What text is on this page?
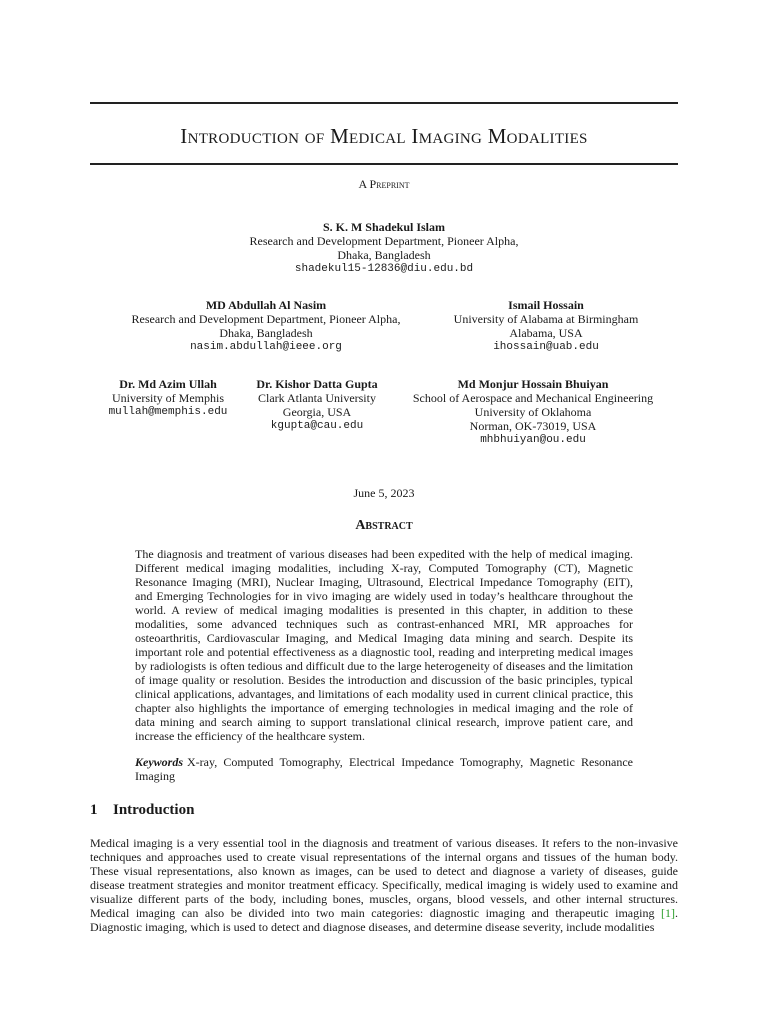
Introduction of Medical Imaging Modalities
A Preprint
S. K. M Shadekul Islam
Research and Development Department, Pioneer Alpha,
Dhaka, Bangladesh
shadekul15-12836@diu.edu.bd
MD Abdullah Al Nasim
Research and Development Department, Pioneer Alpha,
Dhaka, Bangladesh
nasim.abdullah@ieee.org
Ismail Hossain
University of Alabama at Birmingham
Alabama, USA
ihossain@uab.edu
Dr. Md Azim Ullah
University of Memphis
mullah@memphis.edu
Dr. Kishor Datta Gupta
Clark Atlanta University
Georgia, USA
kgupta@cau.edu
Md Monjur Hossain Bhuiyan
School of Aerospace and Mechanical Engineering
University of Oklahoma
Norman, OK-73019, USA
mhbhuiyan@ou.edu
June 5, 2023
Abstract
The diagnosis and treatment of various diseases had been expedited with the help of medical imaging. Different medical imaging modalities, including X-ray, Computed Tomography (CT), Magnetic Resonance Imaging (MRI), Nuclear Imaging, Ultrasound, Electrical Impedance Tomography (EIT), and Emerging Technologies for in vivo imaging are widely used in today’s healthcare throughout the world. A review of medical imaging modalities is presented in this chapter, in addition to these modalities, some advanced techniques such as contrast-enhanced MRI, MR approaches for osteoarthritis, Cardiovascular Imaging, and Medical Imaging data mining and search. Despite its important role and potential effectiveness as a diagnostic tool, reading and interpreting medical images by radiologists is often tedious and difficult due to the large heterogeneity of diseases and the limitation of image quality or resolution. Besides the introduction and discussion of the basic principles, typical clinical applications, advantages, and limitations of each modality used in current clinical practice, this chapter also highlights the importance of emerging technologies in medical imaging and the role of data mining and search aiming to support translational clinical research, improve patient care, and increase the efficiency of the healthcare system.
Keywords X-ray, Computed Tomography, Electrical Impedance Tomography, Magnetic Resonance Imaging
1 Introduction
Medical imaging is a very essential tool in the diagnosis and treatment of various diseases. It refers to the non-invasive techniques and approaches used to create visual representations of the internal organs and tissues of the human body. These visual representations, also known as images, can be used to detect and diagnose a variety of diseases, guide disease treatment strategies and monitor treatment efficacy. Specifically, medical imaging is widely used to examine and visualize different parts of the body, including bones, muscles, organs, blood vessels, and other internal structures. Medical imaging can also be divided into two main categories: diagnostic imaging and therapeutic imaging [1]. Diagnostic imaging, which is used to detect and diagnose diseases, and determine disease severity, include modalities
